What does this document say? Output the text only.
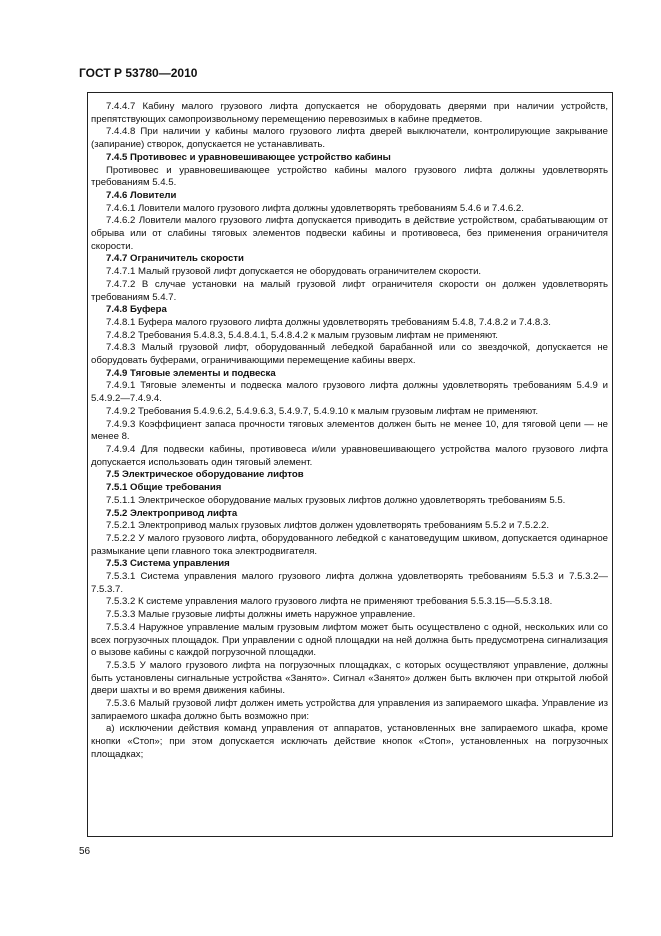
ГОСТ Р 53780—2010

7.4.4.7 Кабину малого грузового лифта допускается не оборудовать дверями при наличии устройств, препятствующих самопроизвольному перемещению перевозимых в кабине предметов.

7.4.4.8 При наличии у кабины малого грузового лифта дверей выключатели, контролирующие закрывание (запирание) створок, допускается не устанавливать.

7.4.5 Противовес и уравновешивающее устройство кабины

Противовес и уравновешивающее устройство кабины малого грузового лифта должны удовлетворять требованиям 5.4.5.

7.4.6 Ловители

7.4.6.1 Ловители малого грузового лифта должны удовлетворять требованиям 5.4.6 и 7.4.6.2.

7.4.6.2 Ловители малого грузового лифта допускается приводить в действие устройством, срабатывающим от обрыва или от слабины тяговых элементов подвески кабины и противовеса, без применения ограничителя скорости.

7.4.7 Ограничитель скорости

7.4.7.1 Малый грузовой лифт допускается не оборудовать ограничителем скорости.

7.4.7.2 В случае установки на малый грузовой лифт ограничителя скорости он должен удовлетворять требованиям 5.4.7.

7.4.8 Буфера

7.4.8.1 Буфера малого грузового лифта должны удовлетворять требованиям 5.4.8, 7.4.8.2 и 7.4.8.3.

7.4.8.2 Требования 5.4.8.3, 5.4.8.4.1, 5.4.8.4.2 к малым грузовым лифтам не применяют.

7.4.8.3 Малый грузовой лифт, оборудованный лебедкой барабанной или со звездочкой, допускается не оборудовать буферами, ограничивающими перемещение кабины вверх.

7.4.9 Тяговые элементы и подвеска

7.4.9.1 Тяговые элементы и подвеска малого грузового лифта должны удовлетворять требованиям 5.4.9 и 5.4.9.2—7.4.9.4.

7.4.9.2 Требования 5.4.9.6.2, 5.4.9.6.3, 5.4.9.7, 5.4.9.10 к малым грузовым лифтам не применяют.

7.4.9.3 Коэффициент запаса прочности тяговых элементов должен быть не менее 10, для тяговой цепи — не менее 8.

7.4.9.4 Для подвески кабины, противовеса и/или уравновешивающего устройства малого грузового лифта допускается использовать один тяговый элемент.

7.5 Электрическое оборудование лифтов

7.5.1 Общие требования

7.5.1.1 Электрическое оборудование малых грузовых лифтов должно удовлетворять требованиям 5.5.

7.5.2 Электропривод лифта

7.5.2.1 Электропривод малых грузовых лифтов должен удовлетворять требованиям 5.5.2 и 7.5.2.2.

7.5.2.2 У малого грузового лифта, оборудованного лебедкой с канатоведущим шкивом, допускается одинарное размыкание цепи главного тока электродвигателя.

7.5.3 Система управления

7.5.3.1 Система управления малого грузового лифта должна удовлетворять требованиям 5.5.3 и 7.5.3.2—7.5.3.7.

7.5.3.2 К системе управления малого грузового лифта не применяют требования 5.5.3.15—5.5.3.18.

7.5.3.3 Малые грузовые лифты должны иметь наружное управление.

7.5.3.4 Наружное управление малым грузовым лифтом может быть осуществлено с одной, нескольких или со всех погрузочных площадок. При управлении с одной площадки на ней должна быть предусмотрена сигнализация о вызове кабины с каждой погрузочной площадки.

7.5.3.5 У малого грузового лифта на погрузочных площадках, с которых осуществляют управление, должны быть установлены сигнальные устройства «Занято». Сигнал «Занято» должен быть включен при открытой любой двери шахты и во время движения кабины.

7.5.3.6 Малый грузовой лифт должен иметь устройства для управления из запираемого шкафа. Управление из запираемого шкафа должно быть возможно при:

а) исключении действия команд управления от аппаратов, установленных вне запираемого шкафа, кроме кнопки «Стоп»; при этом допускается исключать действие кнопок «Стоп», установленных на погрузочных площадках;

56
